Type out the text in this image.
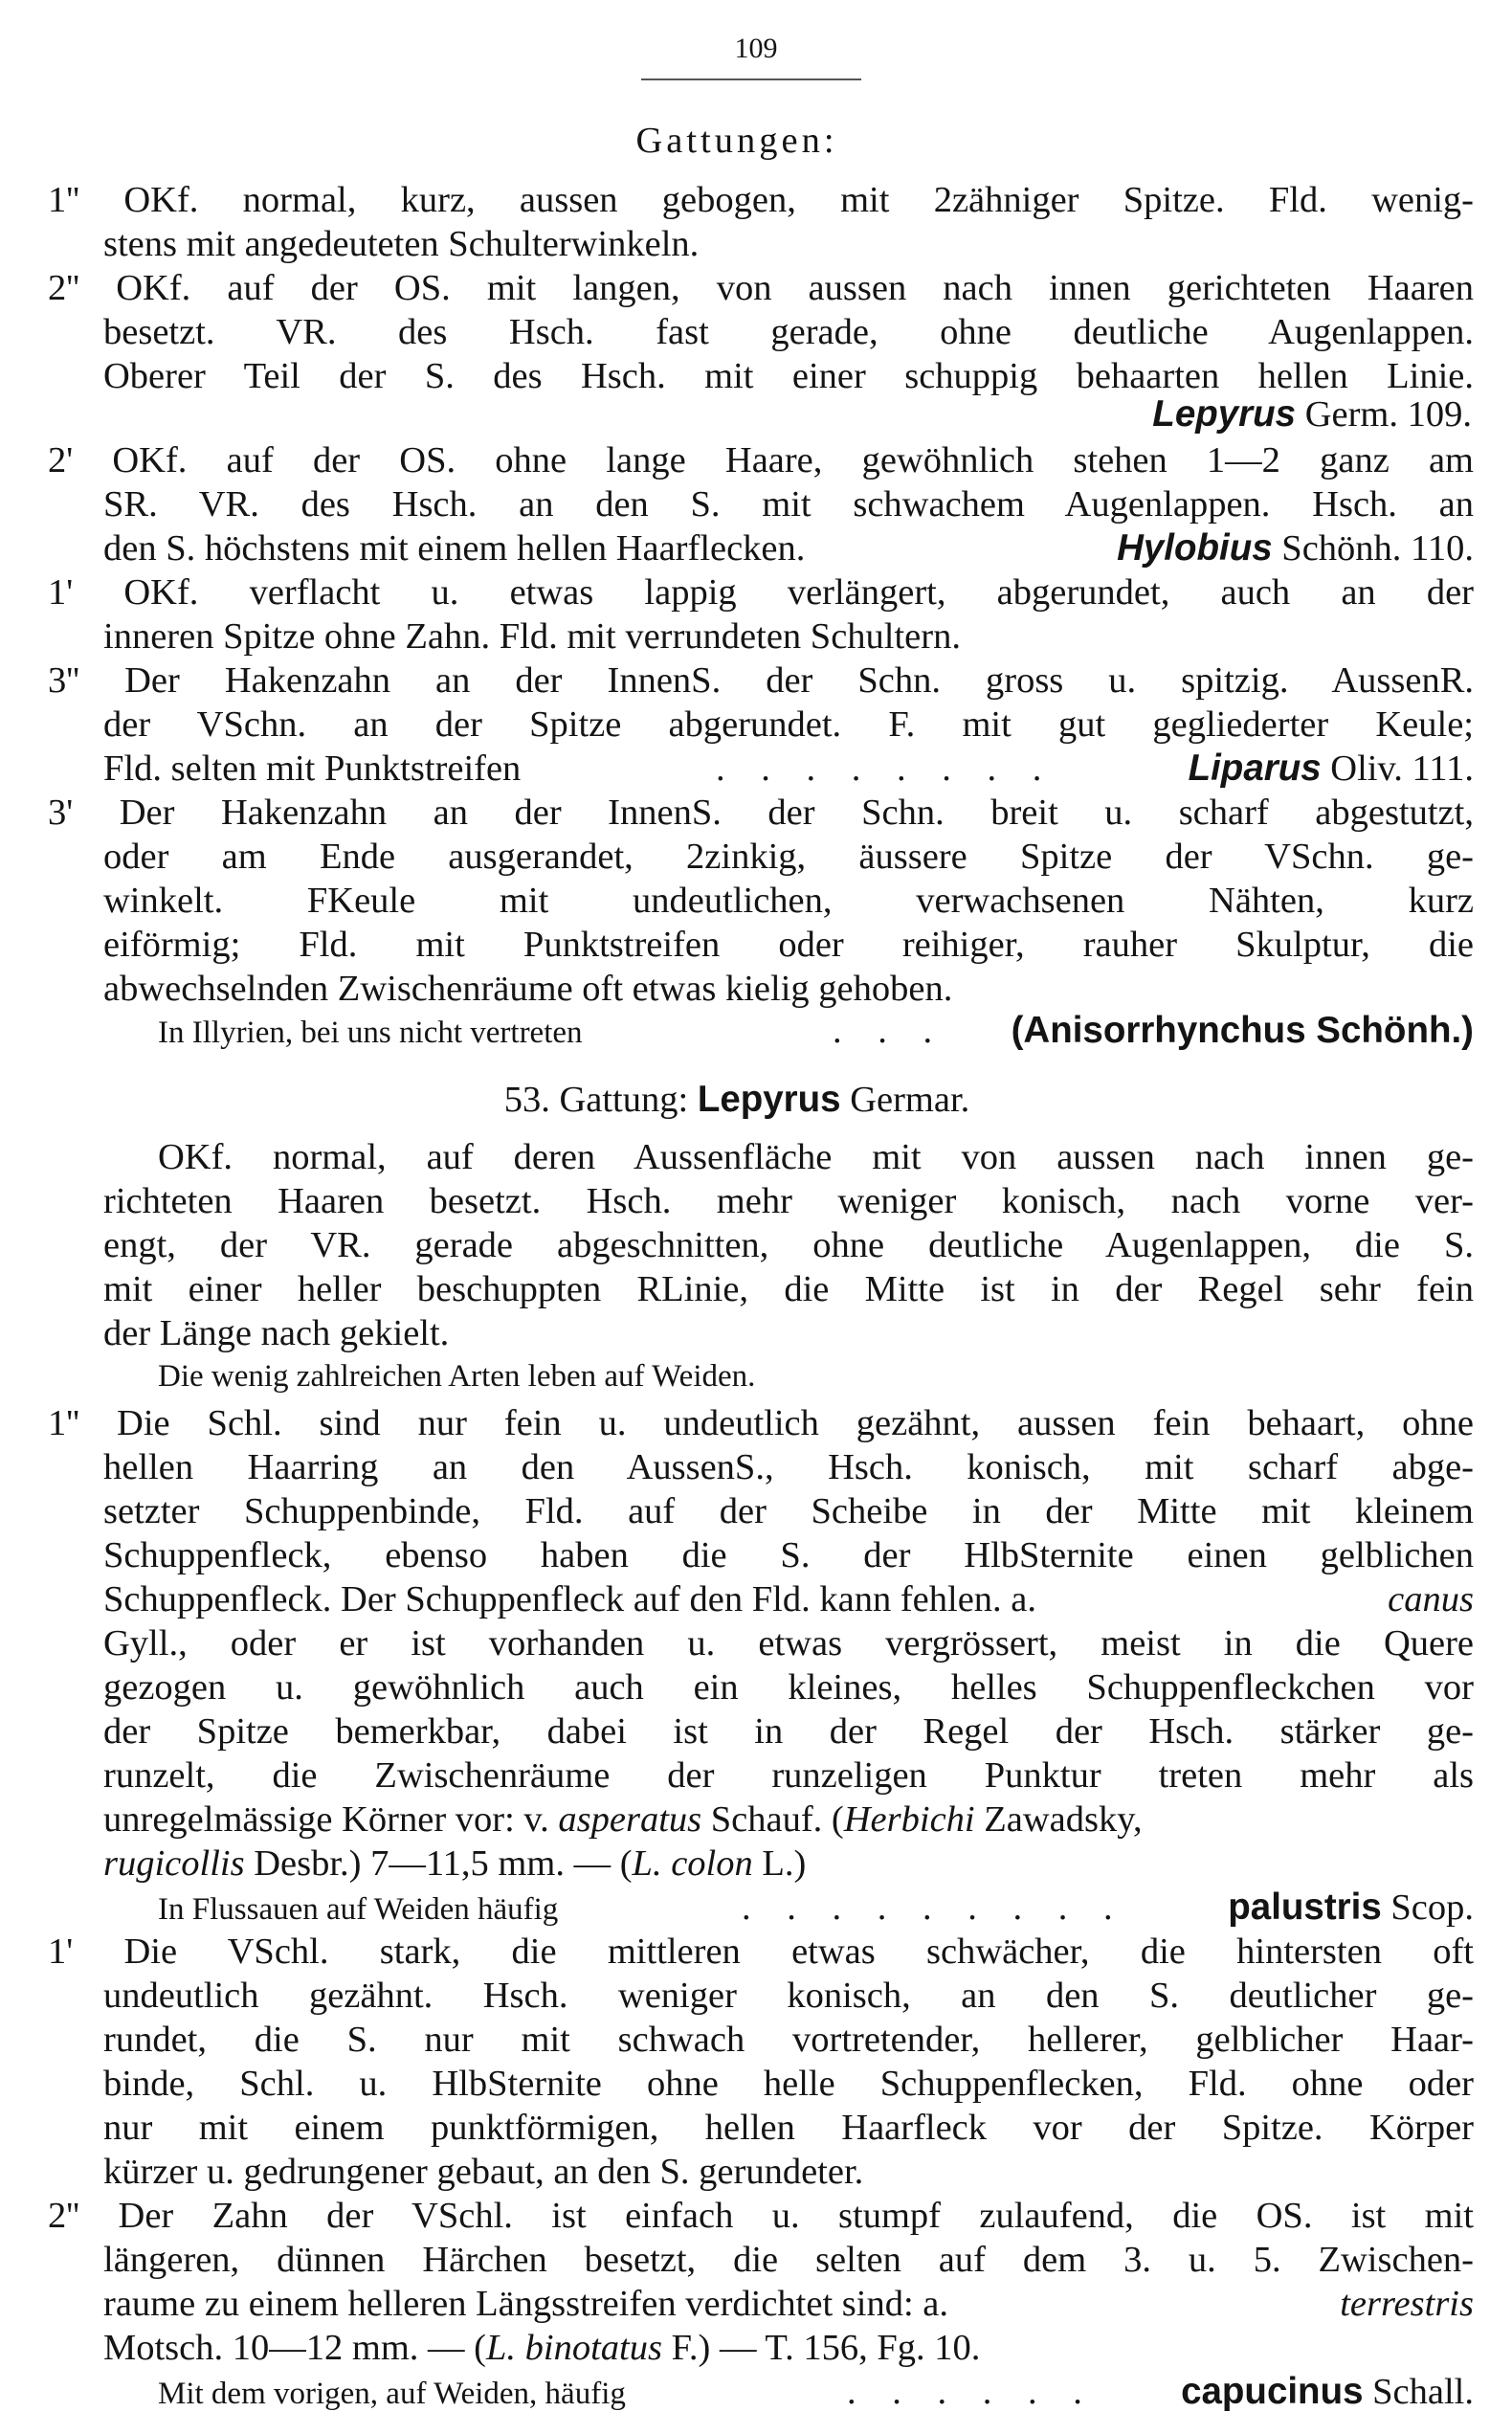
109
Gattungen:
1'' OKf. normal, kurz, aussen gebogen, mit 2zähniger Spitze. Fld. wenig-
stens mit angedeuteten Schulterwinkeln.
2'' OKf. auf der OS. mit langen, von aussen nach innen gerichteten Haaren
besetzt. VR. des Hsch. fast gerade, ohne deutliche Augenlappen.
Oberer Teil der S. des Hsch. mit einer schuppig behaarten hellen Linie.
Lepyrus Germ. 109.
2' OKf. auf der OS. ohne lange Haare, gewöhnlich stehen 1—2 ganz am
SR. VR. des Hsch. an den S. mit schwachem Augenlappen. Hsch. an
den S. höchstens mit einem hellen Haarflecken.	Hylobius Schönh. 110.
1' OKf. verflacht u. etwas lappig verlängert, abgerundet, auch an der
inneren Spitze ohne Zahn. Fld. mit verrundeten Schultern.
3'' Der Hakenzahn an der InnenS. der Schn. gross u. spitzig. AussenR.
der VSchn. an der Spitze abgerundet. F. mit gut gegliederter Keule;
Fld. selten mit Punktstreifen	. . . . . . . .	Liparus Oliv. 111.
3' Der Hakenzahn an der InnenS. der Schn. breit u. scharf abgestutzt,
oder am Ende ausgerandet, 2zinkig, äussere Spitze der VSchn. ge-
winkelt. FKeule mit undeutlichen, verwachsenen Nähten, kurz
eiförmig; Fld. mit Punktstreifen oder reihiger, rauher Skulptur, die
abwechselnden Zwischenräume oft etwas kielig gehoben.
In Illyrien, bei uns nicht vertreten	. . . (Anisorrhynchus Schönh.)
53. Gattung: Lepyrus Germar.
OKf. normal, auf deren Aussenfläche mit von aussen nach innen ge-
richteten Haaren besetzt. Hsch. mehr weniger konisch, nach vorne ver-
engt, der VR. gerade abgeschnitten, ohne deutliche Augenlappen, die S.
mit einer heller beschuppten RLinie, die Mitte ist in der Regel sehr fein
der Länge nach gekielt.
Die wenig zahlreichen Arten leben auf Weiden.
1'' Die Schl. sind nur fein u. undeutlich gezähnt, aussen fein behaart, ohne
hellen Haarring an den AussenS., Hsch. konisch, mit scharf abge-
setzter Schuppenbinde, Fld. auf der Scheibe in der Mitte mit kleinem
Schuppenfleck, ebenso haben die S. der HlbSternite einen gelblichen
Schuppenfleck. Der Schuppenfleck auf den Fld. kann fehlen. a.	canus
Gyll., oder er ist vorhanden u. etwas vergrössert, meist in die Quere
gezogen u. gewöhnlich auch ein kleines, helles Schuppenfleckchen vor
der Spitze bemerkbar, dabei ist in der Regel der Hsch. stärker ge-
runzelt, die Zwischenräume der runzeligen Punktur treten mehr als
unregelmässige Körner vor: v. asperatus Schauf. (Herbichi Zawadsky,
rugicollis Desbr.) 7—11,5 mm. — (L. colon L.)
In Flussauen auf Weiden häufig	. . . . . . . . .	palustris Scop.
1' Die VSchl. stark, die mittleren etwas schwächer, die hintersten oft
undeutlich gezähnt. Hsch. weniger konisch, an den S. deutlicher ge-
rundet, die S. nur mit schwach vortretender, hellerer, gelblicher Haar-
binde, Schl. u. HlbSternite ohne helle Schuppenflecken, Fld. ohne oder
nur mit einem punktförmigen, hellen Haarfleck vor der Spitze. Körper
kürzer u. gedrungener gebaut, an den S. gerundeter.
2'' Der Zahn der VSchl. ist einfach u. stumpf zulaufend, die OS. ist mit
längeren, dünnen Härchen besetzt, die selten auf dem 3. u. 5. Zwischen-
raume zu einem helleren Längsstreifen verdichtet sind: a.	terrestris
Motsch. 10—12 mm. — (L. binotatus F.) — T. 156, Fg. 10.
Mit dem vorigen, auf Weiden, häufig	. . . . . . capucinus Schall.
